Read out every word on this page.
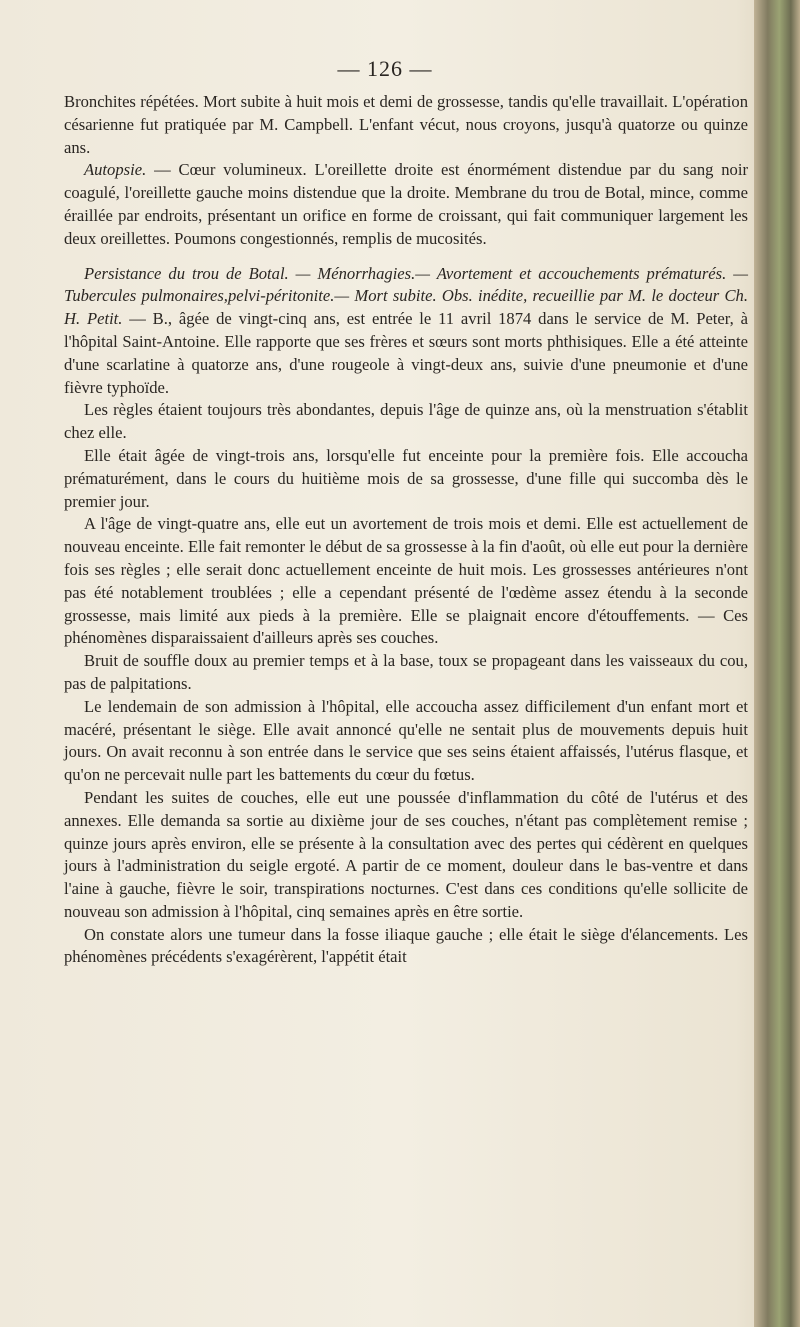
— 126 —

Bronchites répétées. Mort subite à huit mois et demi de grossesse, tandis qu'elle travaillait. L'opération césarienne fut pratiquée par M. Campbell. L'enfant vécut, nous croyons, jusqu'à quatorze ou quinze ans.

Autopsie. — Cœur volumineux. L'oreillette droite est énormément distendue par du sang noir coagulé, l'oreillette gauche moins distendue que la droite. Membrane du trou de Botal, mince, comme éraillée par endroits, présentant un orifice en forme de croissant, qui fait communiquer largement les deux oreillettes. Poumons congestionnés, remplis de mucosités.

Persistance du trou de Botal. — Ménorrhagies.— Avortement et accouchements prématurés. — Tubercules pulmonaires,pelvi-péritonite.— Mort subite. Obs. inédite, recueillie par M. le docteur Ch. H. Petit. — B., âgée de vingt-cinq ans, est entrée le 11 avril 1874 dans le service de M. Peter, à l'hôpital Saint-Antoine. Elle rapporte que ses frères et sœurs sont morts phthisiques. Elle a été atteinte d'une scarlatine à quatorze ans, d'une rougeole à vingt-deux ans, suivie d'une pneumonie et d'une fièvre typhoïde.

Les règles étaient toujours très abondantes, depuis l'âge de quinze ans, où la menstruation s'établit chez elle.

Elle était âgée de vingt-trois ans, lorsqu'elle fut enceinte pour la première fois. Elle accoucha prématurément, dans le cours du huitième mois de sa grossesse, d'une fille qui succomba dès le premier jour.

A l'âge de vingt-quatre ans, elle eut un avortement de trois mois et demi. Elle est actuellement de nouveau enceinte. Elle fait remonter le début de sa grossesse à la fin d'août, où elle eut pour la dernière fois ses règles ; elle serait donc actuellement enceinte de huit mois. Les grossesses antérieures n'ont pas été notablement troublées ; elle a cependant présenté de l'œdème assez étendu à la seconde grossesse, mais limité aux pieds à la première. Elle se plaignait encore d'étouffements. — Ces phénomènes disparaissaient d'ailleurs après ses couches.

Bruit de souffle doux au premier temps et à la base, toux se propageant dans les vaisseaux du cou, pas de palpitations.

Le lendemain de son admission à l'hôpital, elle accoucha assez difficilement d'un enfant mort et macéré, présentant le siège. Elle avait annoncé qu'elle ne sentait plus de mouvements depuis huit jours. On avait reconnu à son entrée dans le service que ses seins étaient affaissés, l'utérus flasque, et qu'on ne percevait nulle part les battements du cœur du fœtus.

Pendant les suites de couches, elle eut une poussée d'inflammation du côté de l'utérus et des annexes. Elle demanda sa sortie au dixième jour de ses couches, n'étant pas complètement remise ; quinze jours après environ, elle se présente à la consultation avec des pertes qui cédèrent en quelques jours à l'administration du seigle ergoté. A partir de ce moment, douleur dans le bas-ventre et dans l'aine à gauche, fièvre le soir, transpirations nocturnes. C'est dans ces conditions qu'elle sollicite de nouveau son admission à l'hôpital, cinq semaines après en être sortie.

On constate alors une tumeur dans la fosse iliaque gauche ; elle était le siège d'élancements. Les phénomènes précédents s'exagérèrent, l'appétit était
